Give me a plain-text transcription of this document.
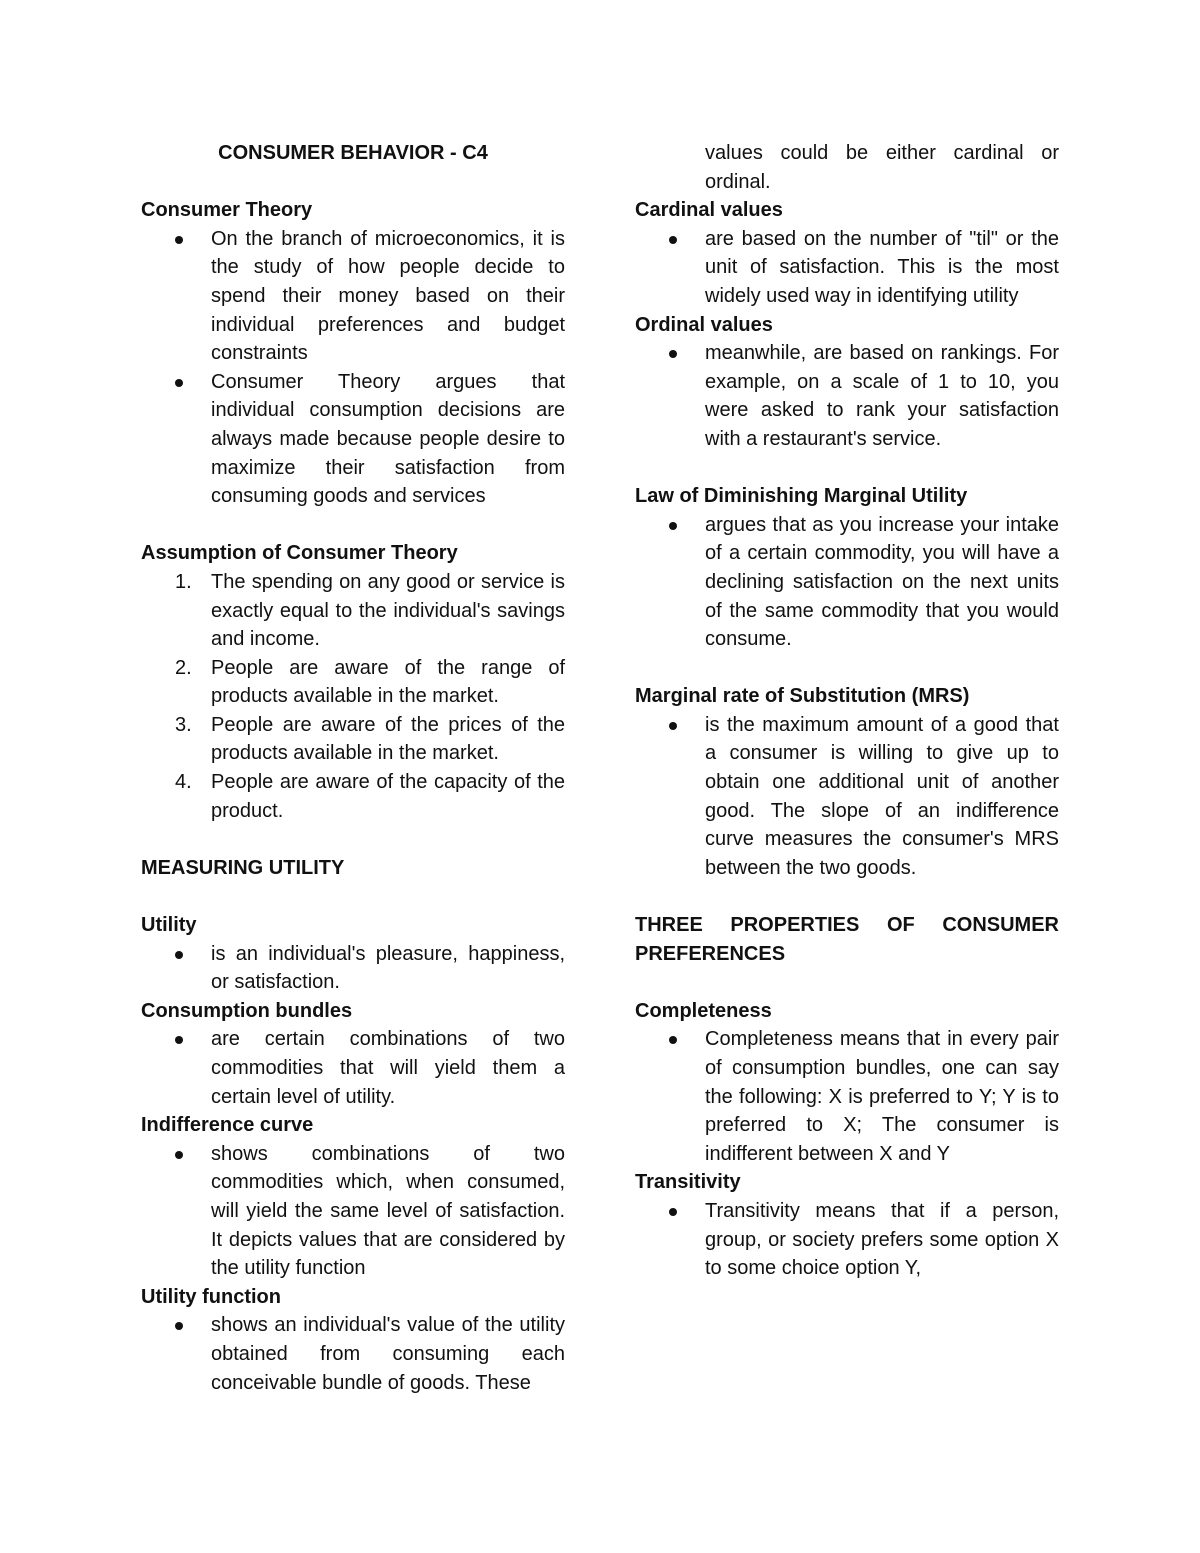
CONSUMER BEHAVIOR - C4

Consumer Theory

On the branch of microeconomics, it is the study of how people decide to spend their money based on their individual preferences and budget constraints
Consumer Theory argues that individual consumption decisions are always made because people desire to maximize their satisfaction from consuming goods and services

Assumption of Consumer Theory

1. The spending on any good or service is exactly equal to the individual's savings and income.
2. People are aware of the range of products available in the market.
3. People are aware of the prices of the products available in the market.
4. People are aware of the capacity of the product.

MEASURING UTILITY

Utility

is an individual's pleasure, happiness, or satisfaction.

Consumption bundles

are certain combinations of two commodities that will yield them a certain level of utility.

Indifference curve

shows combinations of two commodities which, when consumed, will yield the same level of satisfaction. It depicts values that are considered by the utility function

Utility function

shows an individual's value of the utility obtained from consuming each conceivable bundle of goods. These

values could be either cardinal or ordinal.

Cardinal values

are based on the number of "til" or the unit of satisfaction. This is the most widely used way in identifying utility

Ordinal values

meanwhile, are based on rankings. For example, on a scale of 1 to 10, you were asked to rank your satisfaction with a restaurant's service.

Law of Diminishing Marginal Utility

argues that as you increase your intake of a certain commodity, you will have a declining satisfaction on the next units of the same commodity that you would consume.

Marginal rate of Substitution (MRS)

is the maximum amount of a good that a consumer is willing to give up to obtain one additional unit of another good. The slope of an indifference curve measures the consumer's MRS between the two goods.

THREE PROPERTIES OF CONSUMER PREFERENCES

Completeness

Completeness means that in every pair of consumption bundles, one can say the following: X is preferred to Y; Y is to preferred to X; The consumer is indifferent between X and Y

Transitivity

Transitivity means that if a person, group, or society prefers some option X to some choice option Y,
